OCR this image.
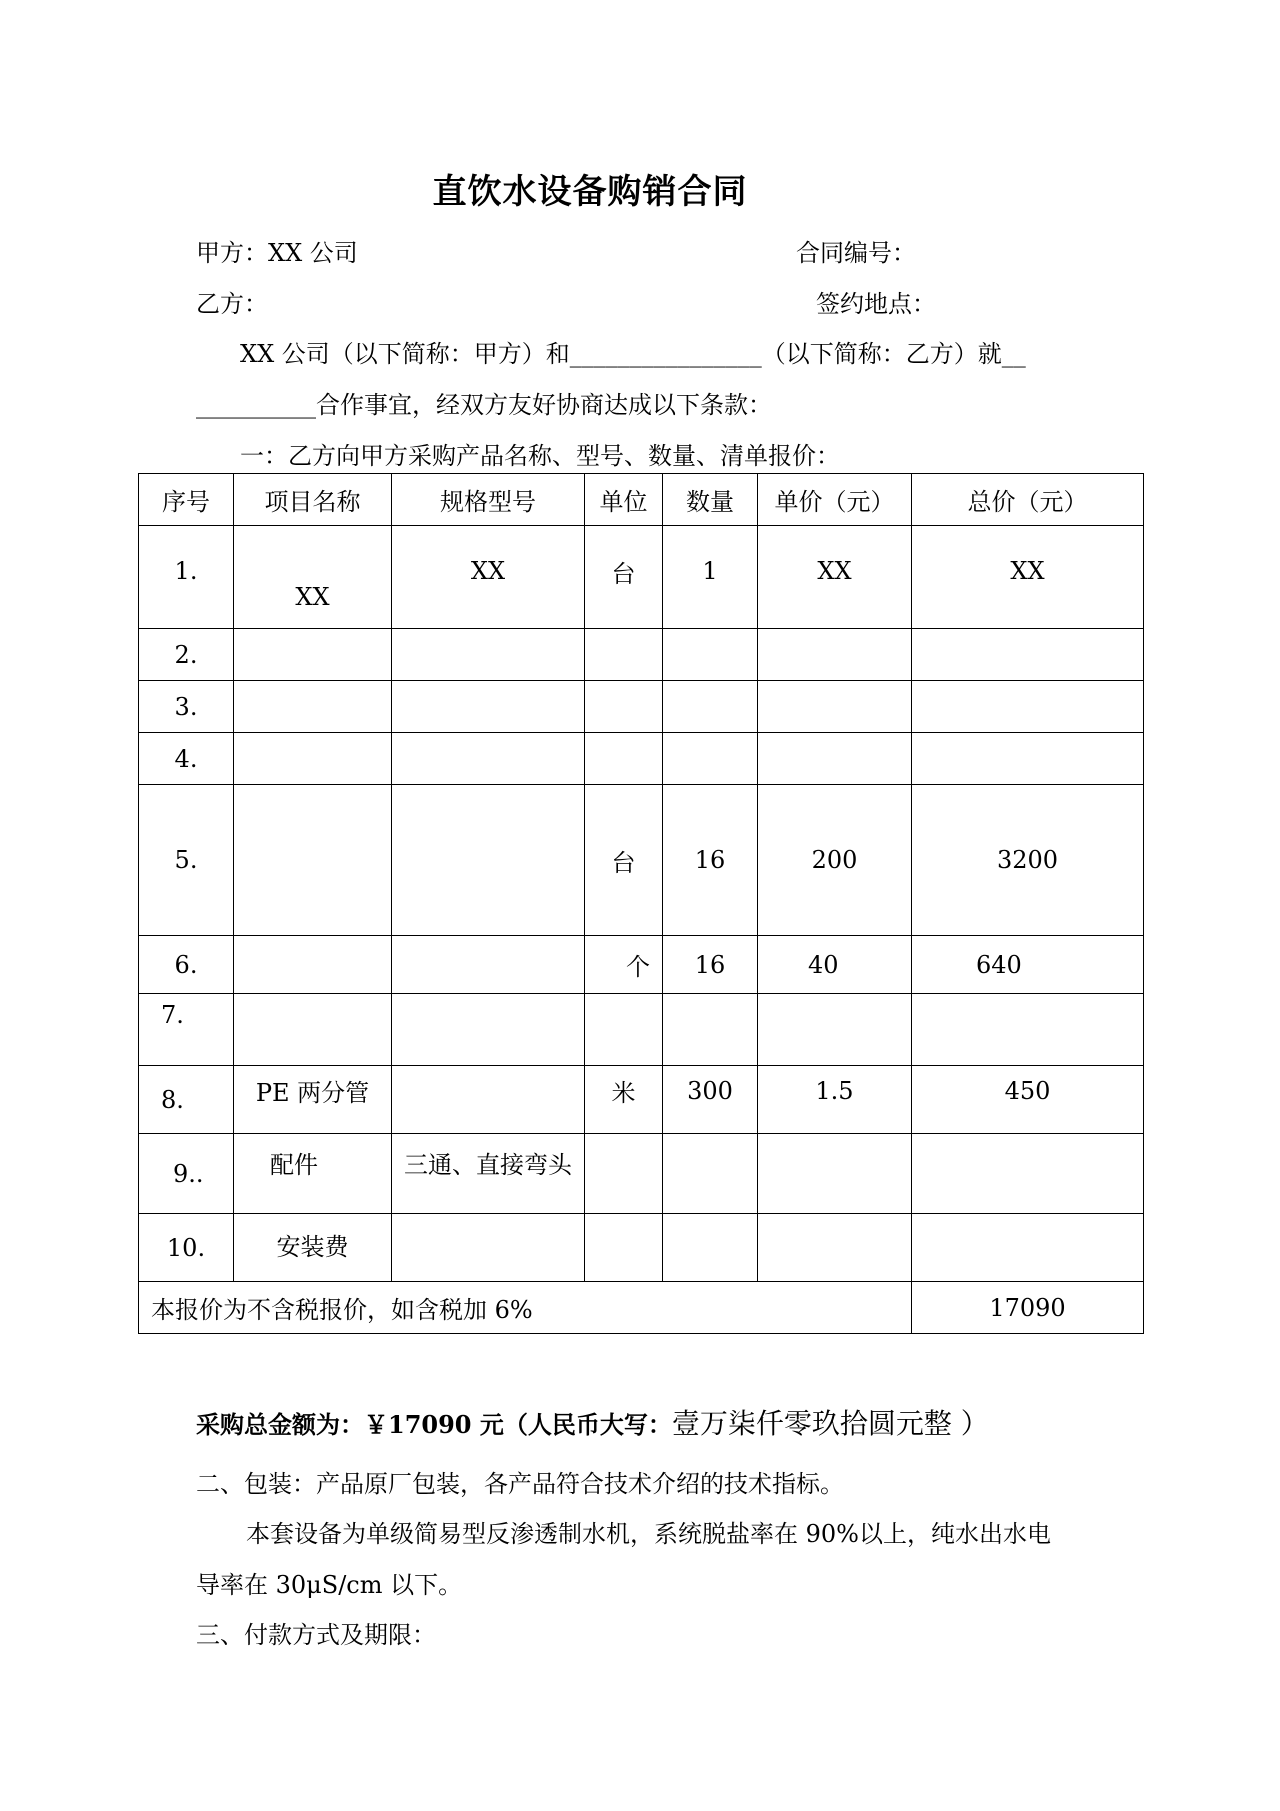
直饮水设备购销合同
甲方：XX 公司	合同编号：
乙方：	签约地点：
XX 公司（以下简称：甲方）和________________（以下简称：乙方）就__
__________合作事宜，经双方友好协商达成以下条款：
一：乙方向甲方采购产品名称、型号、数量、清单报价：
序号	项目名称	规格型号	单位	数量	单价（元）	总价（元）
1.	XX	XX	台	1	XX	XX
2.						
3.						
4.						
5.			台	16	200	3200
6.			个	16	40	640
7.						
8.	PE 两分管		米	300	1.5	450
9..	配件	三通、直接弯头				
10.	安装费					
本报价为不含税报价，如含税加 6%						17090
采购总金额为：￥17090 元（人民币大写：壹万柒仟零玖拾圆元整 ）
二、包装：产品原厂包装，各产品符合技术介绍的技术指标。
本套设备为单级简易型反渗透制水机，系统脱盐率在 90%以上，纯水出水电
导率在 30μS/cm 以下。
三、付款方式及期限：
